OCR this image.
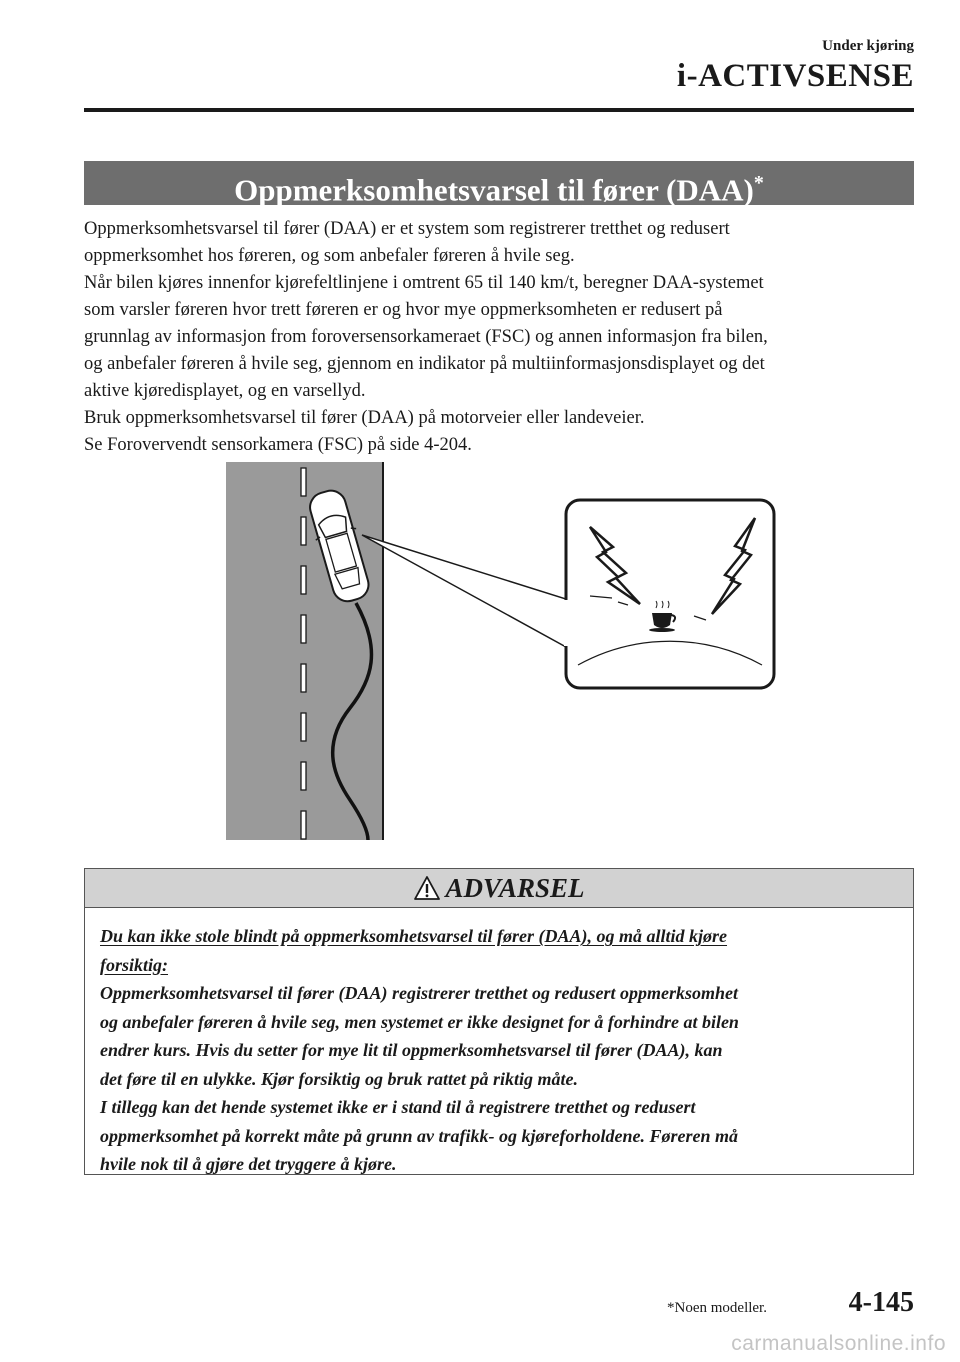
Under kjøring
i-ACTIVSENSE
Oppmerksomhetsvarsel til fører (DAA)*

Oppmerksomhetsvarsel til fører (DAA) er et system som registrerer tretthet og redusert

oppmerksomhet hos føreren, og som anbefaler føreren å hvile seg.

Når bilen kjøres innenfor kjørefeltlinjene i omtrent 65 til 140 km/t, beregner DAA-systemet

som varsler føreren hvor trett føreren er og hvor mye oppmerksomheten er redusert på

grunnlag av informasjon from foroversensorkameraet (FSC) og annen informasjon fra bilen,

og anbefaler føreren å hvile seg, gjennom en indikator på multiinformasjonsdisplayet og det

aktive kjøredisplayet, og en varsellyd.

Bruk oppmerksomhetsvarsel til fører (DAA) på motorveier eller landeveier.

Se Forovervendt sensorkamera (FSC) på side 4-204.

ADVARSEL

Du kan ikke stole blindt på oppmerksomhetsvarsel til fører (DAA), og må alltid kjøre

forsiktig:

Oppmerksomhetsvarsel til fører (DAA) registrerer tretthet og redusert oppmerksomhet

og anbefaler føreren å hvile seg, men systemet er ikke designet for å forhindre at bilen

endrer kurs. Hvis du setter for mye lit til oppmerksomhetsvarsel til fører (DAA), kan

det føre til en ulykke. Kjør forsiktig og bruk rattet på riktig måte.

I tillegg kan det hende systemet ikke er i stand til å registrere tretthet og redusert

oppmerksomhet på korrekt måte på grunn av trafikk- og kjøreforholdene. Føreren må

hvile nok til å gjøre det tryggere å kjøre.

*Noen modeller.	4-145
carmanualsonline.info
